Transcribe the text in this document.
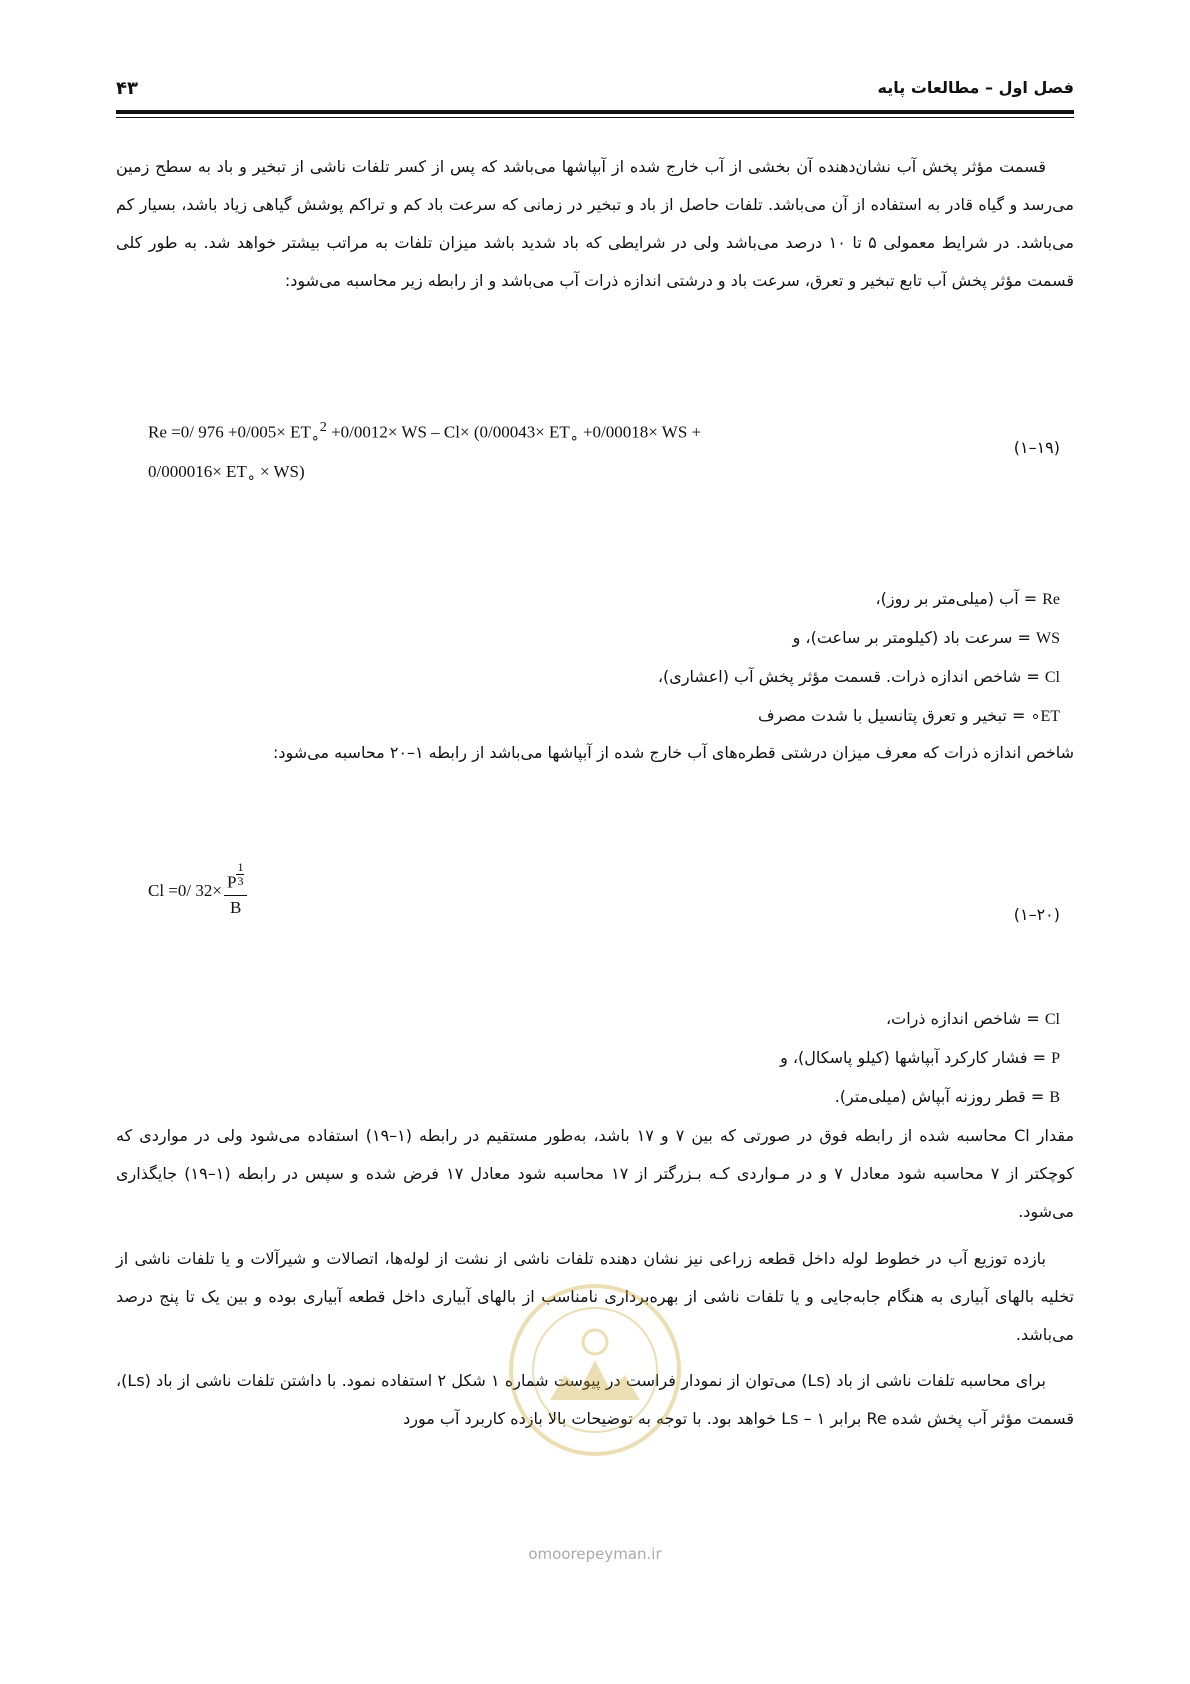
فصل اول – مطالعات پایه
۴۳

قسمت مؤثر پخش آب نشان‌دهنده آن بخشی از آب خارج شده از آبپاشها می‌باشد که پس از کسر تلفات ناشی از تبخیر و باد به سطح زمین می‌رسد و گیاه قادر به استفاده از آن می‌باشد. تلفات حاصل از باد و تبخیر در زمانی که سرعت باد کم و تراکم پوشش گیاهی زیاد باشد، بسیار کم می‌باشد. در شرایط معمولی ۵ تا ۱۰ درصد می‌باشد ولی در شرایطی که باد شدید باشد میزان تلفات به مراتب بیشتر خواهد شد. به طور کلی قسمت مؤثر پخش آب تابع تبخیر و تعرق، سرعت باد و درشتی اندازه ذرات آب می‌باشد و از رابطه زیر محاسبه می‌شود:

Re =0/ $976 +0/005\times ET_\circ^2 +0/0012\times$ WS – $Cl\times (0/00043\times ET_\circ +0/00018\times$ WS +
$0/000016\times ET_\circ \times WS$)
(۱–۱۹)
Re = آب (میلی‌متر بر روز)،
WS = سرعت باد (کیلومتر بر ساعت)، و
Cl = شاخص اندازه ذرات. قسمت مؤثر پخش آب (اعشاری)،
ET∘ = تبخیر و تعرق پتانسیل با شدت مصرف

شاخص اندازه ذرات که معرف میزان درشتی قطره‌های آب خارج شده از آبپاشها می‌باشد از رابطه ۱–۲۰ محاسبه می‌شود:

Cl =0/ 32× P $^{\frac{1}{3}}$
B	(۱–۲۰)
Cl = شاخص اندازه ذرات،
P = فشار کارکرد آبپاشها (کیلو پاسکال)، و
B = قطر روزنه آبپاش (میلی‌متر).

مقدار Cl محاسبه شده از رابطه فوق در صورتی که بین ۷ و ۱۷ باشد، به‌طور مستقیم در رابطه (۱–۱۹) استفاده می‌شود ولی در مواردی که کوچکتر از ۷ محاسبه شود معادل ۷ و در مـواردی کـه بـزرگتر از ۱۷ محاسبه شود معادل ۱۷ فرض شده و سپس در رابطه (۱–۱۹) جایگذاری می‌شود.

بازده توزیع آب در خطوط لوله داخل قطعه زراعی نیز نشان دهنده تلفات ناشی از نشت از لوله‌ها، اتصالات و شیرآلات و یا تلفات ناشی از تخلیه بالهای آبیاری به هنگام جابه‌جایی و یا تلفات ناشی از بهره‌برداری نامناسب از بالهای آبیاری داخل قطعه آبیاری بوده و بین یک تا پنج درصد می‌باشد.

برای محاسبه تلفات ناشی از باد (Ls) می‌توان از نمودار فراست در پیوست شماره ۱ شکل ۲ استفاده نمود. با داشتن تلفات ناشی از باد (Ls)، قسمت مؤثر آب پخش شده Re برابر Ls – ۱ خواهد بود. با توجه به توضیحات بالا بازده کاربرد آب مورد

omoorepeyman.ir
